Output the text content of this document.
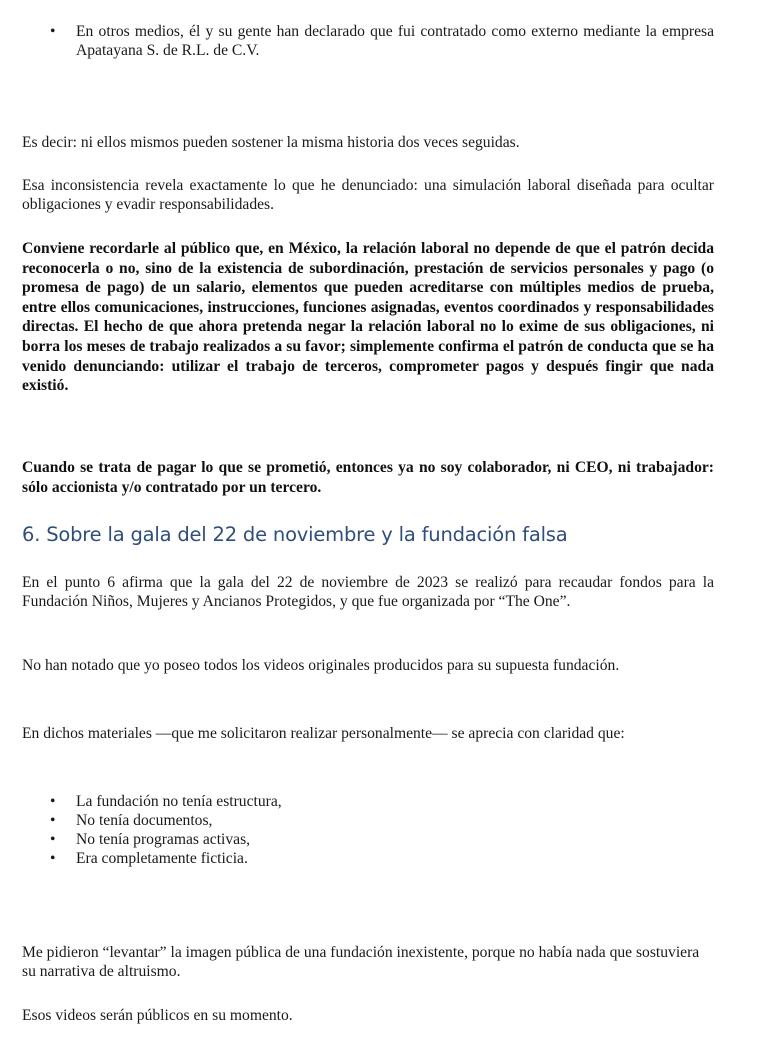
• En otros medios, él y su gente han declarado que fui contratado como externo mediante la empresa Apatayana S. de R.L. de C.V.

Es decir: ni ellos mismos pueden sostener la misma historia dos veces seguidas.

Esa inconsistencia revela exactamente lo que he denunciado: una simulación laboral diseñada para ocultar obligaciones y evadir responsabilidades.

Conviene recordarle al público que, en México, la relación laboral no depende de que el patrón decida reconocerla o no, sino de la existencia de subordinación, prestación de servicios personales y pago (o promesa de pago) de un salario, elementos que pueden acreditarse con múltiples medios de prueba, entre ellos comunicaciones, instrucciones, funciones asignadas, eventos coordinados y responsabilidades directas. El hecho de que ahora pretenda negar la relación laboral no lo exime de sus obligaciones, ni borra los meses de trabajo realizados a su favor; simplemente confirma el patrón de conducta que se ha venido denunciando: utilizar el trabajo de terceros, comprometer pagos y después fingir que nada existió.

Cuando se trata de pagar lo que se prometió, entonces ya no soy colaborador, ni CEO, ni trabajador: sólo accionista y/o contratado por un tercero.

6. Sobre la gala del 22 de noviembre y la fundación falsa

En el punto 6 afirma que la gala del 22 de noviembre de 2023 se realizó para recaudar fondos para la Fundación Niños, Mujeres y Ancianos Protegidos, y que fue organizada por “The One”.

No han notado que yo poseo todos los videos originales producidos para su supuesta fundación.

En dichos materiales —que me solicitaron realizar personalmente— se aprecia con claridad que:

• La fundación no tenía estructura,
• No tenía documentos,
• No tenía programas activas,
• Era completamente ficticia.

Me pidieron “levantar” la imagen pública de una fundación inexistente, porque no había nada que sostuviera su narrativa de altruismo.

Esos videos serán públicos en su momento.
